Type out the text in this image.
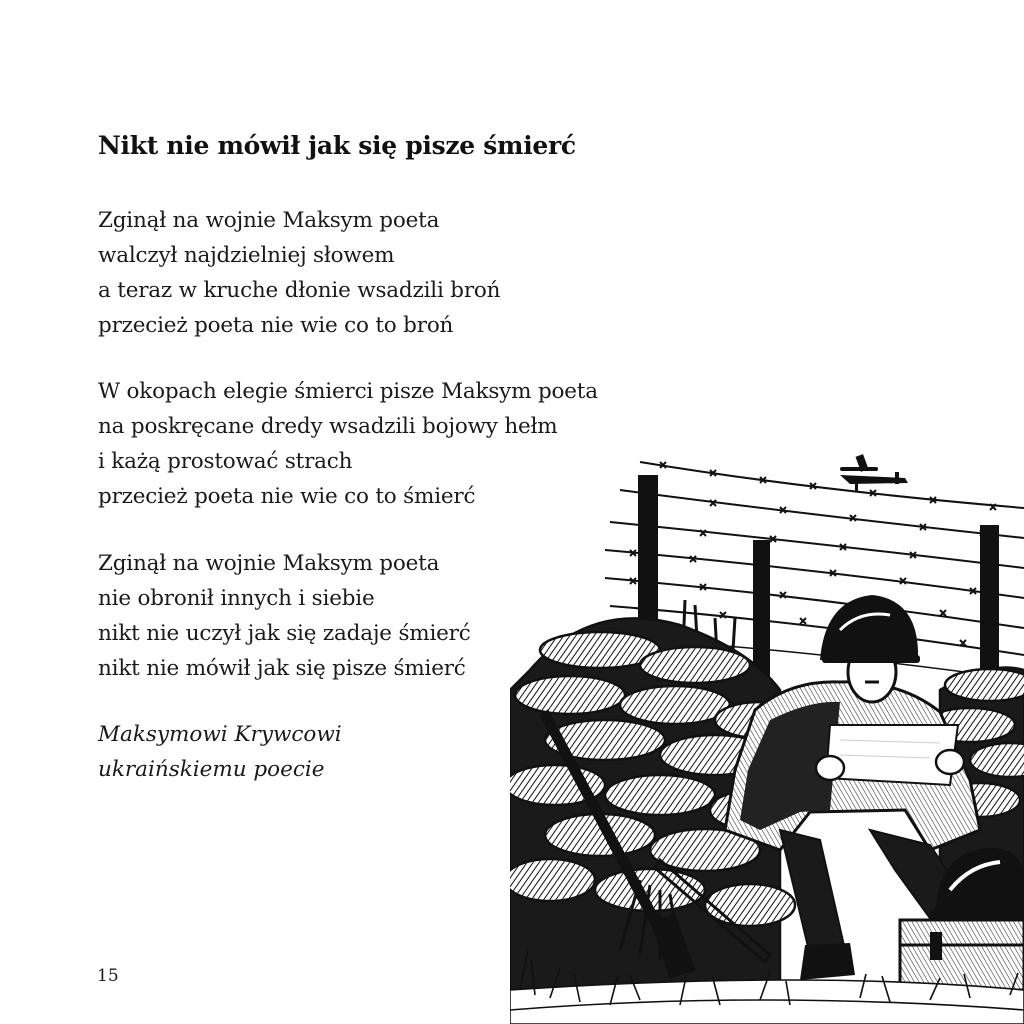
Nikt nie mówił jak się pisze śmierć
Zginął na wojnie Maksym poeta
walczył najdzielniej słowem
a teraz w kruche dłonie wsadzili broń
przecież poeta nie wie co to broń
W okopach elegie śmierci pisze Maksym poeta
na poskręcane dredy wsadzili bojowy hełm
i każą prostować strach
przecież poeta nie wie co to śmierć
Zginął na wojnie Maksym poeta
nie obronił innych i siebie
nikt nie uczył jak się zadaje śmierć
nikt nie mówił jak się pisze śmierć
Maksymowi Krywcowi
ukraińskiemu poecie
15
